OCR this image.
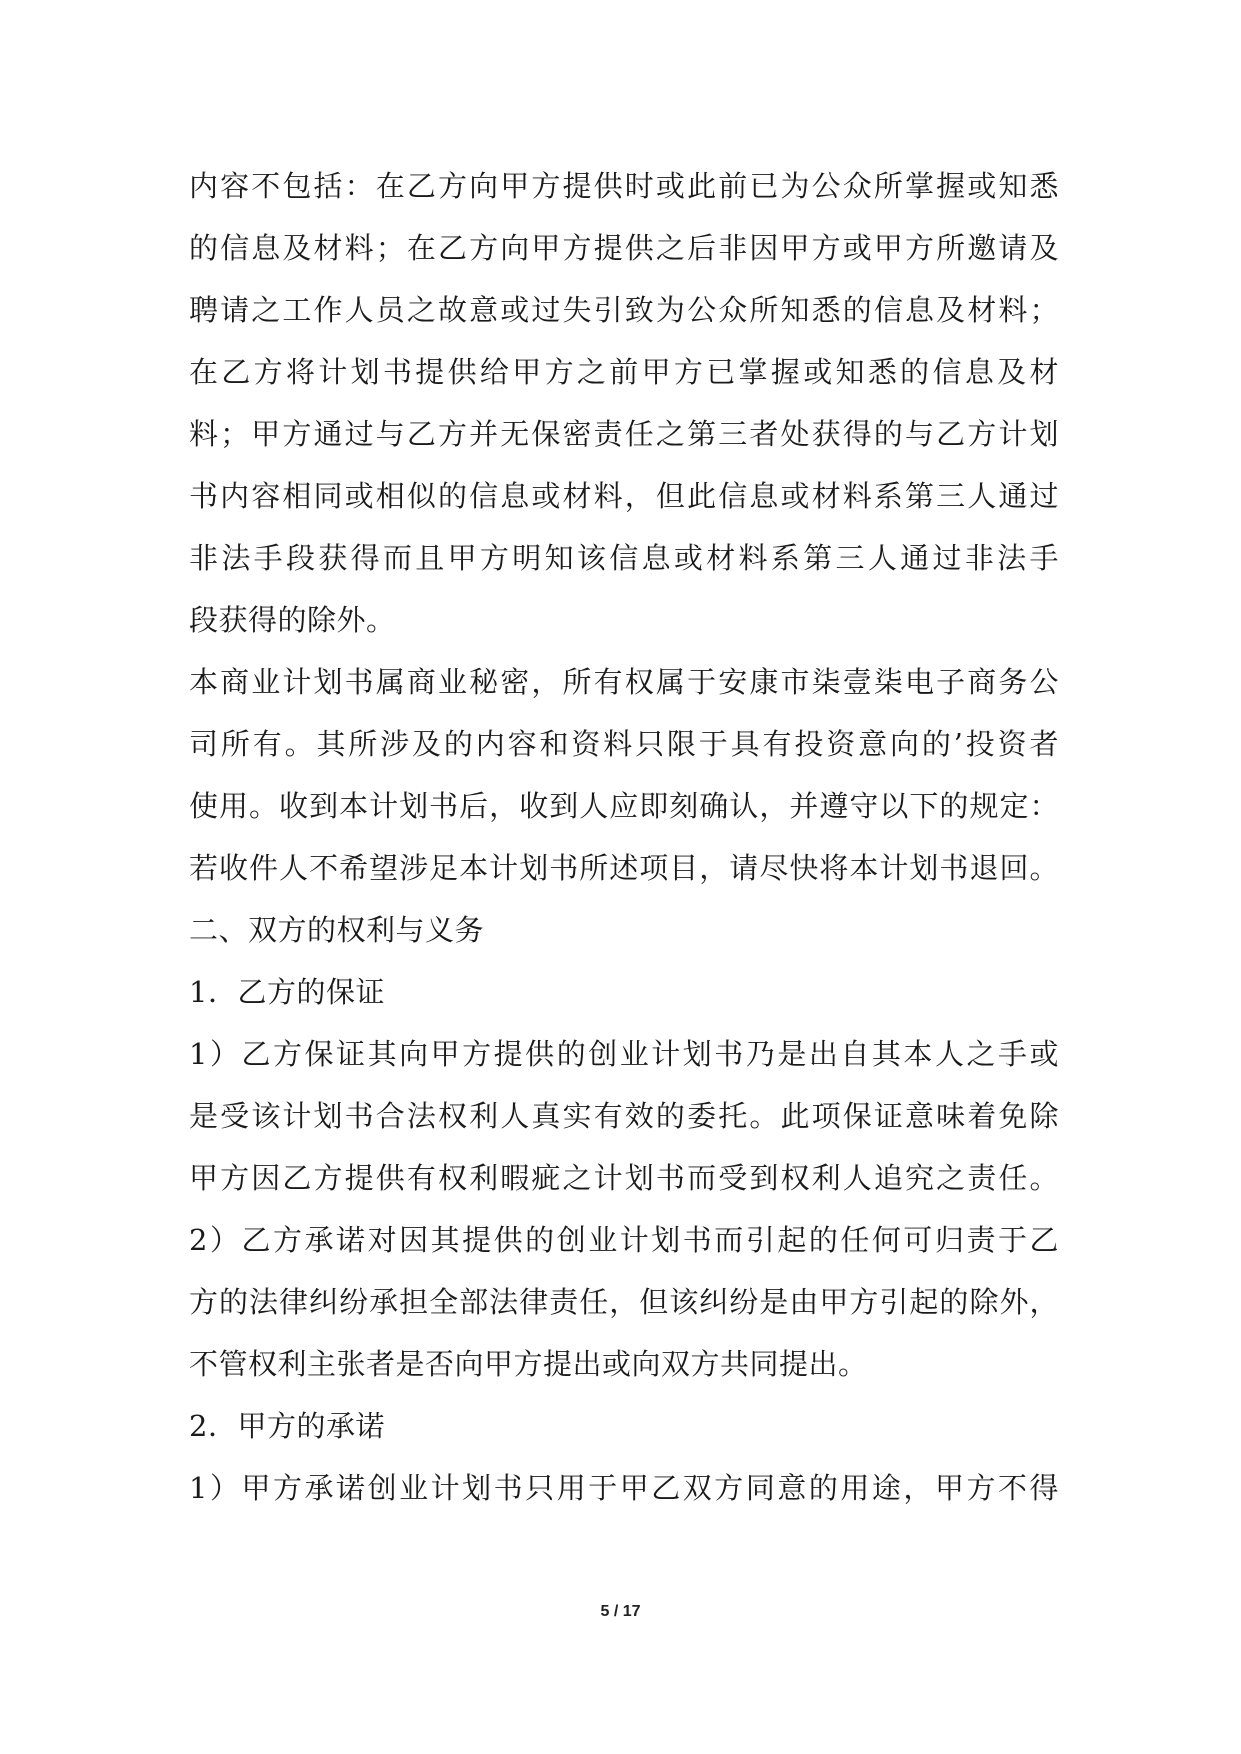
内容不包括：在乙方向甲方提供时或此前已为公众所掌握或知悉
的信息及材料；在乙方向甲方提供之后非因甲方或甲方所邀请及
聘请之工作人员之故意或过失引致为公众所知悉的信息及材料；
在乙方将计划书提供给甲方之前甲方已掌握或知悉的信息及材
料；甲方通过与乙方并无保密责任之第三者处获得的与乙方计划
书内容相同或相似的信息或材料，但此信息或材料系第三人通过
非法手段获得而且甲方明知该信息或材料系第三人通过非法手
段获得的除外。
本商业计划书属商业秘密，所有权属于安康市柒壹柒电子商务公
司所有。其所涉及的内容和资料只限于具有投资意向的’投资者
使用。收到本计划书后，收到人应即刻确认，并遵守以下的规定：
若收件人不希望涉足本计划书所述项目，请尽快将本计划书退回。
二、双方的权利与义务
1．乙方的保证
1）乙方保证其向甲方提供的创业计划书乃是出自其本人之手或
是受该计划书合法权利人真实有效的委托。此项保证意味着免除
甲方因乙方提供有权利暇疵之计划书而受到权利人追究之责任。
2）乙方承诺对因其提供的创业计划书而引起的任何可归责于乙
方的法律纠纷承担全部法律责任，但该纠纷是由甲方引起的除外，
不管权利主张者是否向甲方提出或向双方共同提出。
2．甲方的承诺
1）甲方承诺创业计划书只用于甲乙双方同意的用途，甲方不得
5 / 17
